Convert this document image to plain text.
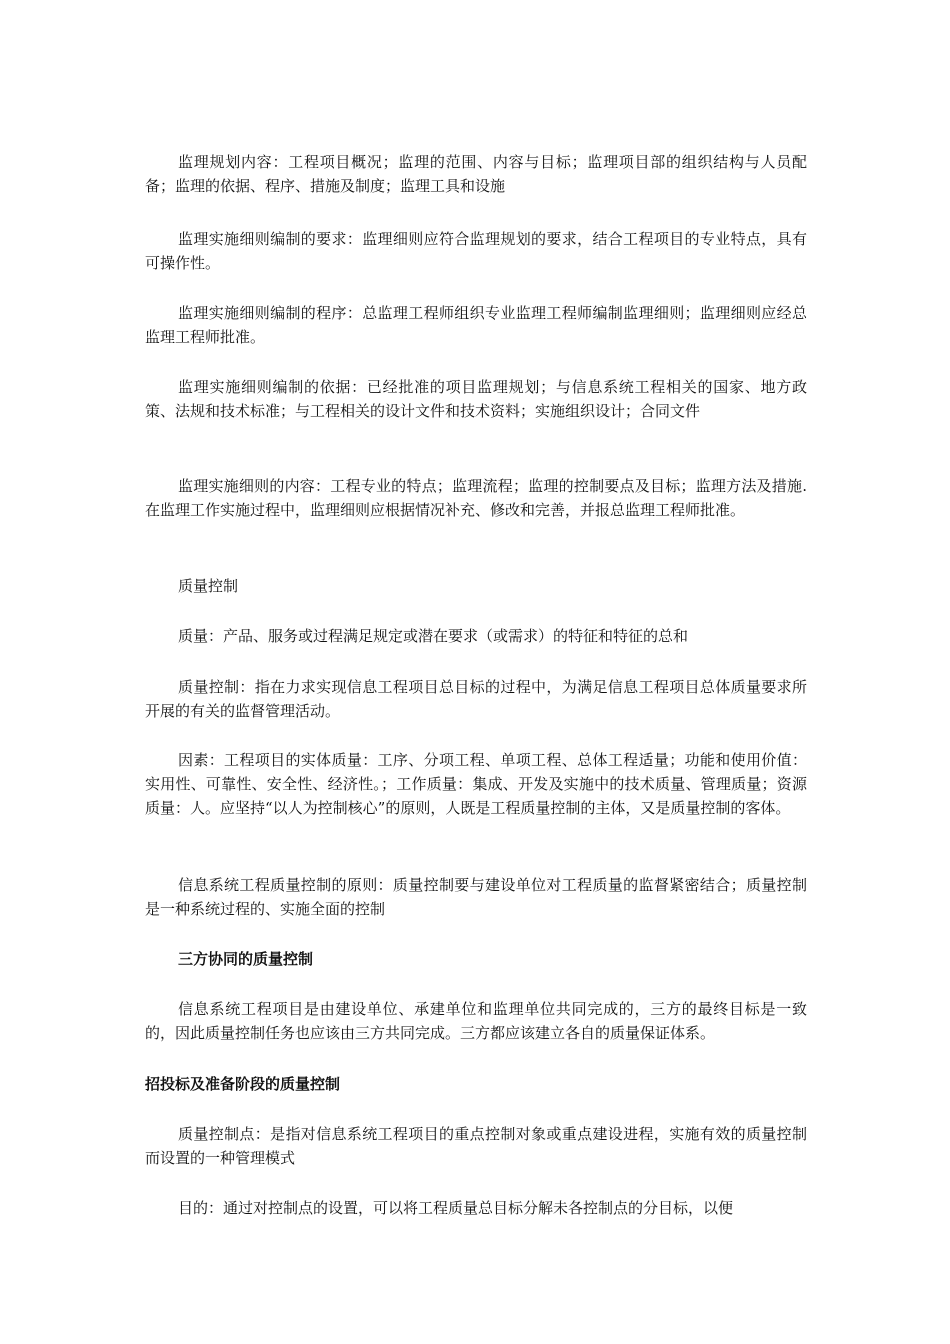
监理规划内容：工程项目概况；监理的范围、内容与目标；监理项目部的组织结构与人员配备；监理的依据、程序、措施及制度；监理工具和设施

监理实施细则编制的要求：监理细则应符合监理规划的要求，结合工程项目的专业特点，具有可操作性。

监理实施细则编制的程序：总监理工程师组织专业监理工程师编制监理细则；监理细则应经总监理工程师批准。

监理实施细则编制的依据：已经批准的项目监理规划；与信息系统工程相关的国家、地方政策、法规和技术标准；与工程相关的设计文件和技术资料；实施组织设计；合同文件

监理实施细则的内容：工程专业的特点；监理流程；监理的控制要点及目标；监理方法及措施.在监理工作实施过程中，监理细则应根据情况补充、修改和完善，并报总监理工程师批准。

质量控制

质量：产品、服务或过程满足规定或潜在要求（或需求）的特征和特征的总和

质量控制：指在力求实现信息工程项目总目标的过程中，为满足信息工程项目总体质量要求所开展的有关的监督管理活动。

因素：工程项目的实体质量：工序、分项工程、单项工程、总体工程适量；功能和使用价值：实用性、可靠性、安全性、经济性。；工作质量：集成、开发及实施中的技术质量、管理质量；资源质量：人。应坚持“以人为控制核心”的原则，人既是工程质量控制的主体，又是质量控制的客体。

信息系统工程质量控制的原则：质量控制要与建设单位对工程质量的监督紧密结合；质量控制是一种系统过程的、实施全面的控制

三方协同的质量控制

信息系统工程项目是由建设单位、承建单位和监理单位共同完成的，三方的最终目标是一致的，因此质量控制任务也应该由三方共同完成。三方都应该建立各自的质量保证体系。

招投标及准备阶段的质量控制

质量控制点：是指对信息系统工程项目的重点控制对象或重点建设进程，实施有效的质量控制而设置的一种管理模式

目的：通过对控制点的设置，可以将工程质量总目标分解未各控制点的分目标，以便
